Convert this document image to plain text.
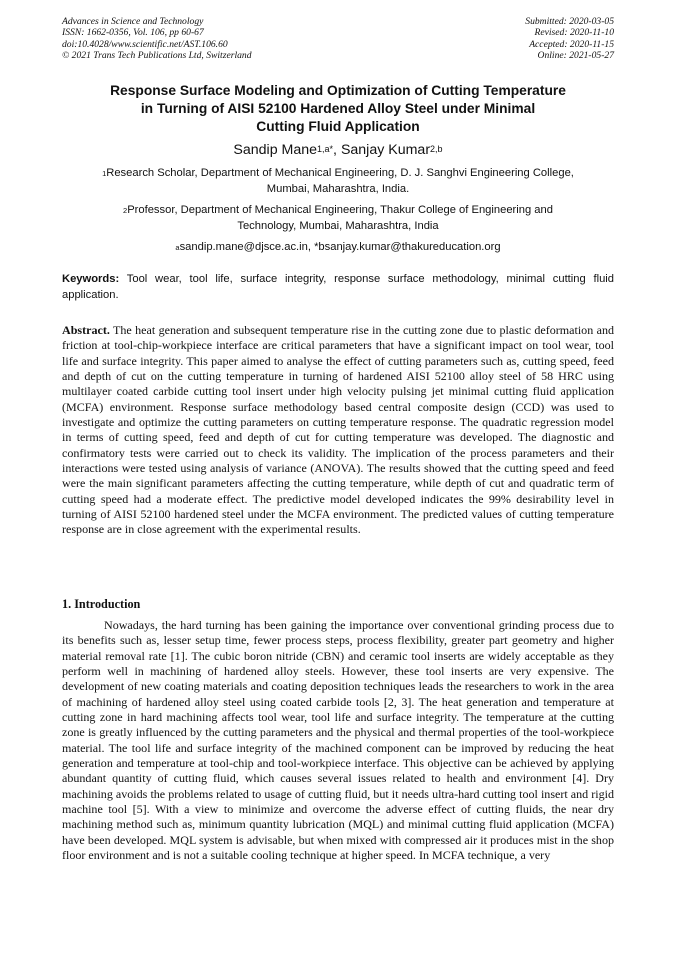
Advances in Science and Technology
ISSN: 1662-0356, Vol. 106, pp 60-67
doi:10.4028/www.scientific.net/AST.106.60
© 2021 Trans Tech Publications Ltd, Switzerland
Submitted: 2020-03-05
Revised: 2020-11-10
Accepted: 2020-11-15
Online: 2021-05-27
Response Surface Modeling and Optimization of Cutting Temperature
in Turning of AISI 52100 Hardened Alloy Steel under Minimal
Cutting Fluid Application
Sandip Mane$^{1,a*}$, Sanjay Kumar$^{2,b}$
$^1$Research Scholar, Department of Mechanical Engineering, D. J. Sanghvi Engineering College,
Mumbai, Maharashtra, India.
$^2$Professor, Department of Mechanical Engineering, Thakur College of Engineering and
Technology, Mumbai, Maharashtra, India
$^a$sandip.mane@djsce.ac.in, *bsanjay.kumar@thakureducation.org
Keywords: Tool wear, tool life, surface integrity, response surface methodology, minimal cutting fluid application.
Abstract. The heat generation and subsequent temperature rise in the cutting zone due to plastic deformation and friction at tool-chip-workpiece interface are critical parameters that have a significant impact on tool wear, tool life and surface integrity. This paper aimed to analyse the effect of cutting parameters such as, cutting speed, feed and depth of cut on the cutting temperature in turning of hardened AISI 52100 alloy steel of 58 HRC using multilayer coated carbide cutting tool insert under high velocity pulsing jet minimal cutting fluid application (MCFA) environment. Response surface methodology based central composite design (CCD) was used to investigate and optimize the cutting parameters on cutting temperature response. The quadratic regression model in terms of cutting speed, feed and depth of cut for cutting temperature was developed. The diagnostic and confirmatory tests were carried out to check its validity. The implication of the process parameters and their interactions were tested using analysis of variance (ANOVA). The results showed that the cutting speed and feed were the main significant parameters affecting the cutting temperature, while depth of cut and quadratic term of cutting speed had a moderate effect. The predictive model developed indicates the 99% desirability level in turning of AISI 52100 hardened steel under the MCFA environment. The predicted values of cutting temperature response are in close agreement with the experimental results.
1. Introduction
Nowadays, the hard turning has been gaining the importance over conventional grinding process due to its benefits such as, lesser setup time, fewer process steps, process flexibility, greater part geometry and higher material removal rate [1]. The cubic boron nitride (CBN) and ceramic tool inserts are widely acceptable as they perform well in machining of hardened alloy steels. However, these tool inserts are very expensive. The development of new coating materials and coating deposition techniques leads the researchers to work in the area of machining of hardened alloy steel using coated carbide tools [2, 3]. The heat generation and temperature at cutting zone in hard machining affects tool wear, tool life and surface integrity. The temperature at the cutting zone is greatly influenced by the cutting parameters and the physical and thermal properties of the tool-workpiece material. The tool life and surface integrity of the machined component can be improved by reducing the heat generation and temperature at tool-chip and tool-workpiece interface. This objective can be achieved by applying abundant quantity of cutting fluid, which causes several issues related to health and environment [4]. Dry machining avoids the problems related to usage of cutting fluid, but it needs ultra-hard cutting tool insert and rigid machine tool [5]. With a view to minimize and overcome the adverse effect of cutting fluids, the near dry machining method such as, minimum quantity lubrication (MQL) and minimal cutting fluid application (MCFA) have been developed. MQL system is advisable, but when mixed with compressed air it produces mist in the shop floor environment and is not a suitable cooling technique at higher speed. In MCFA technique, a very
